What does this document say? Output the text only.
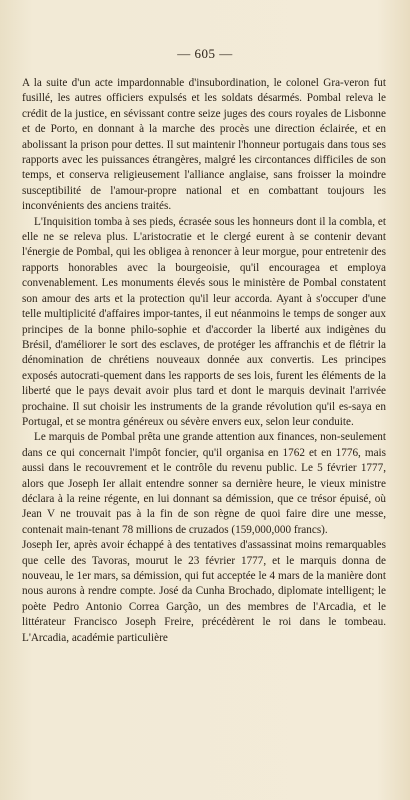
— 605 —

A la suite d'un acte impardonnable d'insubordination, le colonel Gra-veron fut fusillé, les autres officiers expulsés et les soldats désarmés. Pombal releva le crédit de la justice, en sévissant contre seize juges des cours royales de Lisbonne et de Porto, en donnant à la marche des procès une direction éclairée, et en abolissant la prison pour dettes. Il sut maintenir l'honneur portugais dans tous ses rapports avec les puissances étrangères, malgré les circontances difficiles de son temps, et conserva religieusement l'alliance anglaise, sans froisser la moindre susceptibilité de l'amour-propre national et en combattant toujours les inconvénients des anciens traités.

L'Inquisition tomba à ses pieds, écrasée sous les honneurs dont il la combla, et elle ne se releva plus. L'aristocratie et le clergé eurent à se contenir devant l'énergie de Pombal, qui les obligea à renoncer à leur morgue, pour entretenir des rapports honorables avec la bourgeoisie, qu'il encouragea et employa convenablement. Les monuments élevés sous le ministère de Pombal constatent son amour des arts et la protection qu'il leur accorda. Ayant à s'occuper d'une telle multiplicité d'affaires impor-tantes, il eut néanmoins le temps de songer aux principes de la bonne philo-sophie et d'accorder la liberté aux indigènes du Brésil, d'améliorer le sort des esclaves, de protéger les affranchis et de flétrir la dénomination de chrétiens nouveaux donnée aux convertis. Les principes exposés autocrati-quement dans les rapports de ses lois, furent les éléments de la liberté que le pays devait avoir plus tard et dont le marquis devinait l'arrivée prochaine. Il sut choisir les instruments de la grande révolution qu'il es-saya en Portugal, et se montra généreux ou sévère envers eux, selon leur conduite.

Le marquis de Pombal prêta une grande attention aux finances, non-seulement dans ce qui concernait l'impôt foncier, qu'il organisa en 1762 et en 1776, mais aussi dans le recouvrement et le contrôle du revenu public. Le 5 février 1777, alors que Joseph Ier allait entendre sonner sa dernière heure, le vieux ministre déclara à la reine régente, en lui donnant sa démission, que ce trésor épuisé, où Jean V ne trouvait pas à la fin de son règne de quoi faire dire une messe, contenait main-tenant 78 millions de cruzados (159,000,000 francs).

Joseph Ier, après avoir échappé à des tentatives d'assassinat moins remarquables que celle des Tavoras, mourut le 23 février 1777, et le marquis donna de nouveau, le 1er mars, sa démission, qui fut acceptée le 4 mars de la manière dont nous aurons à rendre compte. José da Cunha Brochado, diplomate intelligent; le poète Pedro Antonio Correa Garção, un des membres de l'Arcadia, et le littérateur Francisco Joseph Freire, précédèrent le roi dans le tombeau. L'Arcadia, académie particulière
